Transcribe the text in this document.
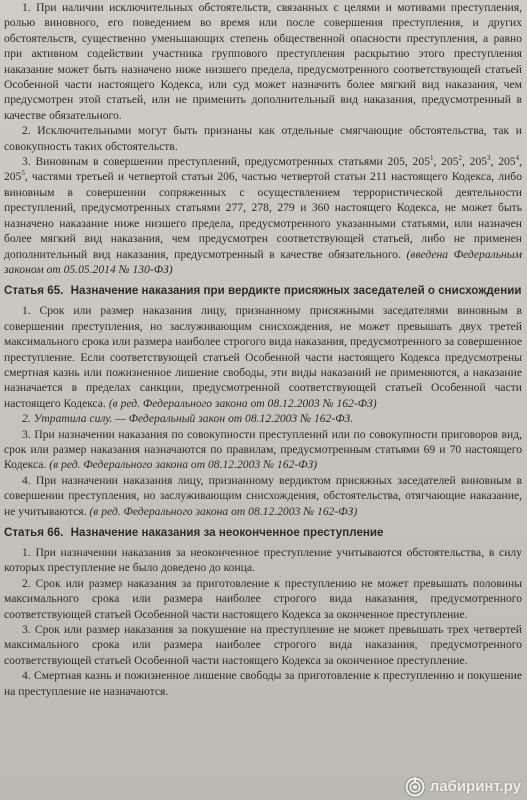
1. При наличии исключительных обстоятельств, связанных с целями и мотивами преступления, ролью виновного, его поведением во время или после совершения преступления, и других обстоятельств, существенно уменьшающих степень общественной опасности преступления, а равно при активном содействии участника группового преступления раскрытию этого преступления наказание может быть назначено ниже низшего предела, предусмотренного соответствующей статьей Особенной части настоящего Кодекса, или суд может назначить более мягкий вид наказания, чем предусмотрен этой статьей, или не применить дополнительный вид наказания, предусмотренный в качестве обязательного.

2. Исключительными могут быть признаны как отдельные смягчающие обстоятельства, так и совокупность таких обстоятельств.

3. Виновным в совершении преступлений, предусмотренных статьями 205, $205^1$, $205^2$, $205^3$, $205^4$, $205^5$, частями третьей и четвертой статьи 206, частью четвертой статьи 211 настоящего Кодекса, либо виновным в совершении сопряженных с осуществлением террористической деятельности преступлений, предусмотренных статьями 277, 278, 279 и 360 настоящего Кодекса, не может быть назначено наказание ниже низшего предела, предусмотренного указанными статьями, или назначен более мягкий вид наказания, чем предусмотрен соответствующей статьей, либо не применен дополнительный вид наказания, предусмотренный в качестве обязательного. (введена Федеральным законом от 05.05.2014 № 130-ФЗ)

Статья 65. Назначение наказания при вердикте присяжных заседателей о снисхождении

1. Срок или размер наказания лицу, признанному присяжными заседателями виновным в совершении преступления, но заслуживающим снисхождения, не может превышать двух третей максимального срока или размера наиболее строгого вида наказания, предусмотренного за совершенное преступление. Если соответствующей статьей Особенной части настоящего Кодекса предусмотрены смертная казнь или пожизненное лишение свободы, эти виды наказаний не применяются, а наказание назначается в пределах санкции, предусмотренной соответствующей статьей Особенной части настоящего Кодекса. (в ред. Федерального закона от 08.12.2003 № 162-ФЗ)

2. Утратила силу. — Федеральный закон от 08.12.2003 № 162-ФЗ.

3. При назначении наказания по совокупности преступлений или по совокупности приговоров вид, срок или размер наказания назначаются по правилам, предусмотренным статьями 69 и 70 настоящего Кодекса. (в ред. Федерального закона от 08.12.2003 № 162-ФЗ)

4. При назначении наказания лицу, признанному вердиктом присяжных заседателей виновным в совершении преступления, но заслуживающим снисхождения, обстоятельства, отягчающие наказание, не учитываются. (в ред. Федерального закона от 08.12.2003 № 162-ФЗ)

Статья 66. Назначение наказания за неоконченное преступление

1. При назначении наказания за неоконченное преступление учитываются обстоятельства, в силу которых преступление не было доведено до конца.

2. Срок или размер наказания за приготовление к преступлению не может превышать половины максимального срока или размера наиболее строгого вида наказания, предусмотренного соответствующей статьей Особенной части настоящего Кодекса за оконченное преступление.

3. Срок или размер наказания за покушение на преступление не может превышать трех четвертей максимального срока или размера наиболее строгого вида наказания, предусмотренного соответствующей статьей Особенной части настоящего Кодекса за оконченное преступление.

4. Смертная казнь и пожизненное лишение свободы за приготовление к преступлению и покушение на преступление не назначаются.

лабиринт.ру
